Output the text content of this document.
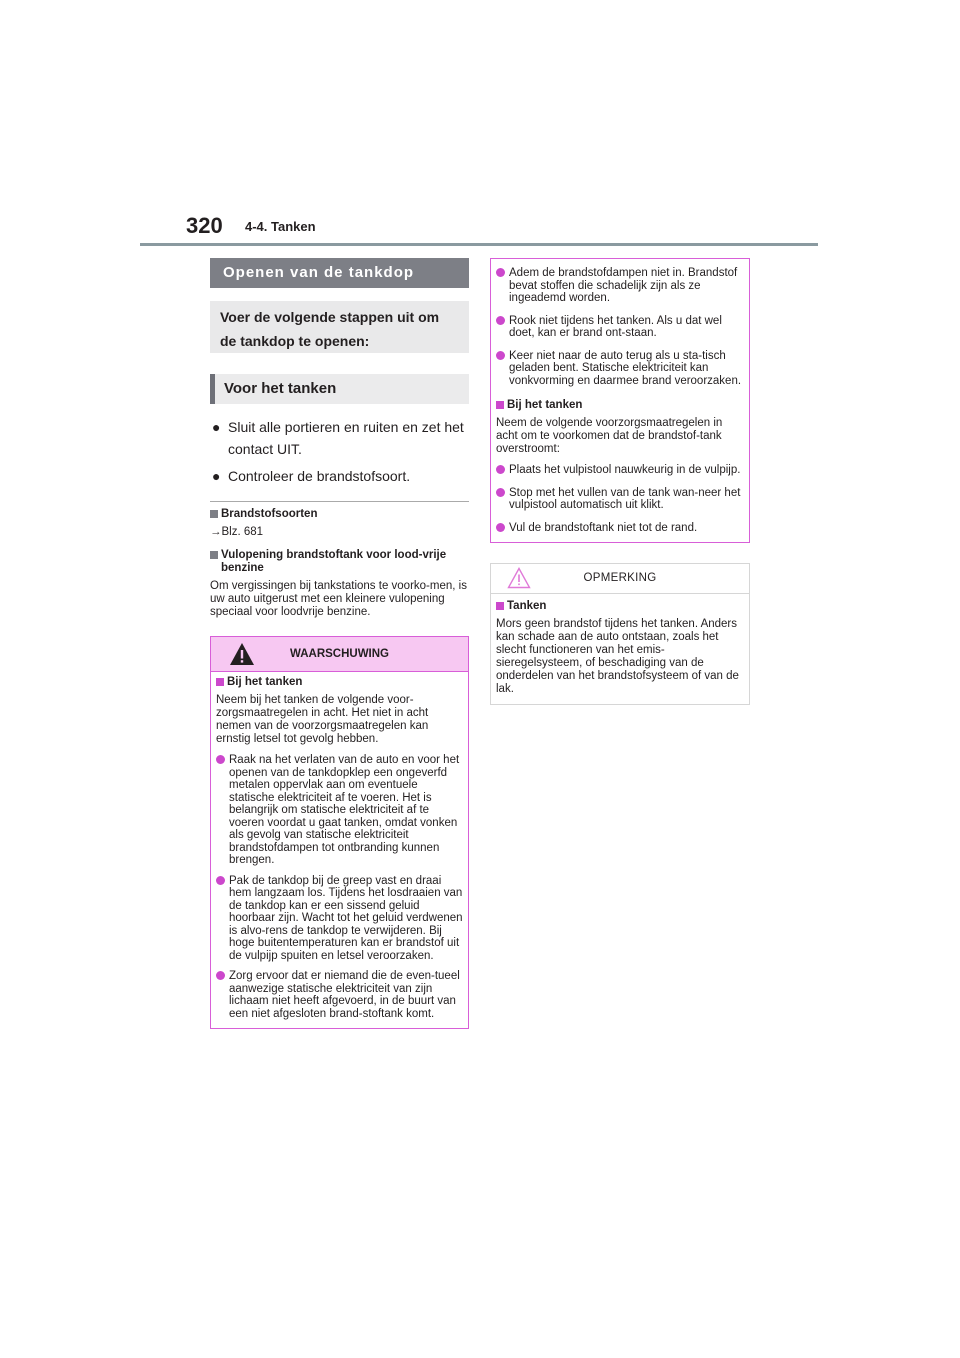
320 4-4. Tanken
Openen van de tankdop
Voer de volgende stappen uit om de tankdop te openen:
Voor het tanken
● Sluit alle portieren en ruiten en zet het contact UIT.
● Controleer de brandstofsoort.
Brandstofsoorten
→Blz. 681
Vulopening brandstoftank voor lood-vrije benzine
Om vergissingen bij tankstations te voorko-men, is uw auto uitgerust met een kleinere vulopening speciaal voor loodvrije benzine.
WAARSCHUWING
Bij het tanken
Neem bij het tanken de volgende voor-zorgsmaatregelen in acht. Het niet in acht nemen van de voorzorgsmaatregelen kan ernstig letsel tot gevolg hebben.
Raak na het verlaten van de auto en voor het openen van de tankdopklep een ongeverfd metalen oppervlak aan om eventuele statische elektriciteit af te voeren. Het is belangrijk om statische elektriciteit af te voeren voordat u gaat tanken, omdat vonken als gevolg van statische elektriciteit brandstofdampen tot ontbranding kunnen brengen.
Pak de tankdop bij de greep vast en draai hem langzaam los. Tijdens het losdraaien van de tankdop kan er een sissend geluid hoorbaar zijn. Wacht tot het geluid verdwenen is alvo-rens de tankdop te verwijderen. Bij hoge buitentemperaturen kan er brandstof uit de vulpijp spuiten en letsel veroorzaken.
Zorg ervoor dat er niemand die de even-tueel aanwezige statische elektriciteit van zijn lichaam niet heeft afgevoerd, in de buurt van een niet afgesloten brand-stoftank komt.
Adem de brandstofdampen niet in. Brandstof bevat stoffen die schadelijk zijn als ze ingeademd worden.
Rook niet tijdens het tanken. Als u dat wel doet, kan er brand ont-staan.
Keer niet naar de auto terug als u sta-tisch geladen bent. Statische elektriciteit kan vonkvorming en daarmee brand veroorzaken.
Bij het tanken
Neem de volgende voorzorgsmaatregelen in acht om te voorkomen dat de brandstof-tank overstroomt:
Plaats het vulpistool nauwkeurig in de vulpijp.
Stop met het vullen van de tank wan-neer het vulpistool automatisch uit klikt.
Vul de brandstoftank niet tot de rand.
OPMERKING
Tanken
Mors geen brandstof tijdens het tanken. Anders kan schade aan de auto ontstaan, zoals het slecht functioneren van het emis-sieregelsysteem, of beschadiging van de onderdelen van het brandstofsysteem of van de lak.
